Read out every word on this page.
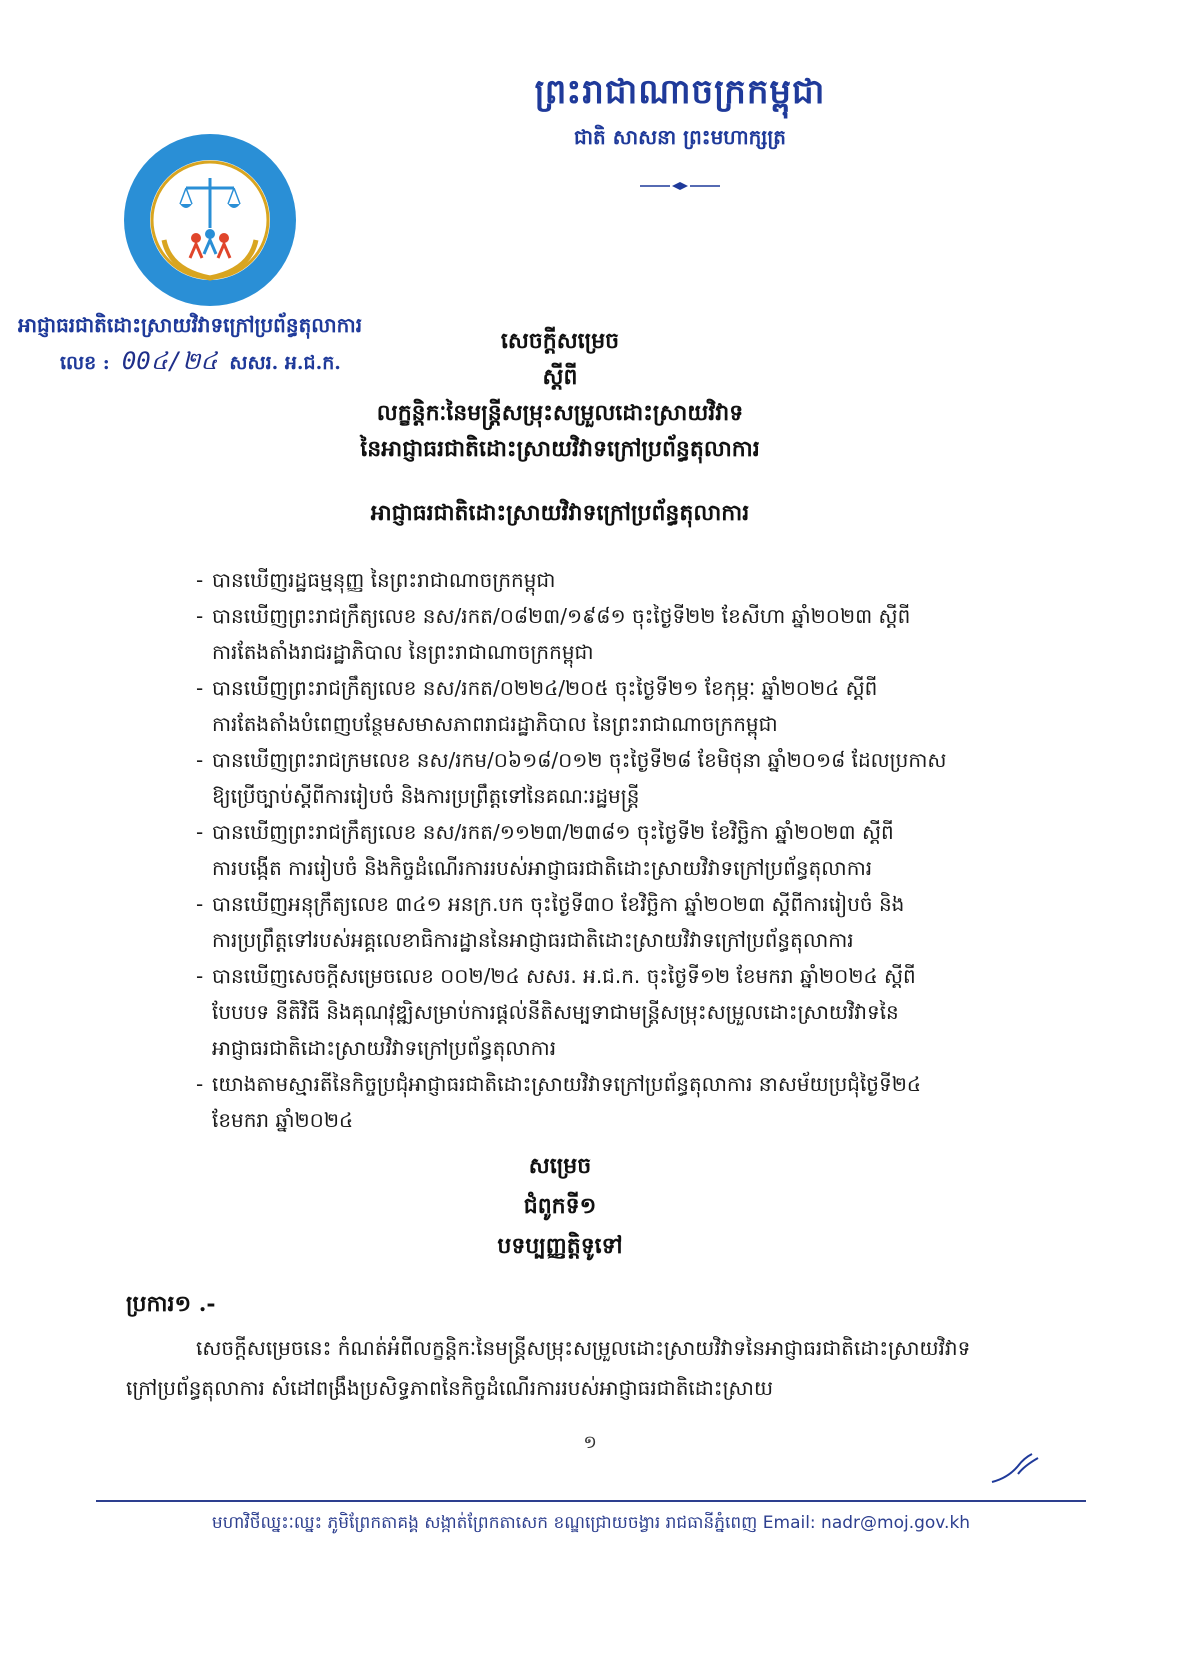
ព្រះរាជាណាចក្រកម្ពុជា
ជាតិ សាសនា ព្រះមហាក្សត្រ
អាជ្ញាធរជាតិដោះស្រាយវិវាទក្រៅប្រព័ន្ធតុលាការ
លេខ : 00៤/២៤ សសរ. អ.ជ.ក.
សេចក្តីសម្រេច
ស្តីពី
លក្ខន្តិកៈនៃមន្ត្រីសម្រុះសម្រួលដោះស្រាយវិវាទ
នៃអាជ្ញាធរជាតិដោះស្រាយវិវាទក្រៅប្រព័ន្ធតុលាការ
អាជ្ញាធរជាតិដោះស្រាយវិវាទក្រៅប្រព័ន្ធតុលាការ
- បានឃើញរដ្ឋធម្មនុញ្ញ នៃព្រះរាជាណាចក្រកម្ពុជា
- បានឃើញព្រះរាជក្រឹត្យលេខ នស/រកត/០៨២៣/១៩៨១ ចុះថ្ងៃទី២២ ខែសីហា ឆ្នាំ២០២៣ ស្តីពី
ការតែងតាំងរាជរដ្ឋាភិបាល នៃព្រះរាជាណាចក្រកម្ពុជា
- បានឃើញព្រះរាជក្រឹត្យលេខ នស/រកត/០២២៤/២០៥ ចុះថ្ងៃទី២១ ខែកុម្ភៈ ឆ្នាំ២០២៤ ស្តីពី
ការតែងតាំងបំពេញបន្ថែមសមាសភាពរាជរដ្ឋាភិបាល នៃព្រះរាជាណាចក្រកម្ពុជា
- បានឃើញព្រះរាជក្រមលេខ នស/រកម/០៦១៨/០១២ ចុះថ្ងៃទី២៨ ខែមិថុនា ឆ្នាំ២០១៨ ដែលប្រកាស
ឱ្យប្រើច្បាប់ស្តីពីការរៀបចំ និងការប្រព្រឹត្តទៅនៃគណៈរដ្ឋមន្ត្រី
- បានឃើញព្រះរាជក្រឹត្យលេខ នស/រកត/១១២៣/២៣៨១ ចុះថ្ងៃទី២ ខែវិច្ឆិកា ឆ្នាំ២០២៣ ស្តីពី
ការបង្កើត ការរៀបចំ និងកិច្ចដំណើរការរបស់អាជ្ញាធរជាតិដោះស្រាយវិវាទក្រៅប្រព័ន្ធតុលាការ
- បានឃើញអនុក្រឹត្យលេខ ៣៤១ អនក្រ.បក ចុះថ្ងៃទី៣០ ខែវិច្ឆិកា ឆ្នាំ២០២៣ ស្តីពីការរៀបចំ និង
ការប្រព្រឹត្តទៅរបស់អគ្គលេខាធិការដ្ឋាននៃអាជ្ញាធរជាតិដោះស្រាយវិវាទក្រៅប្រព័ន្ធតុលាការ
- បានឃើញសេចក្តីសម្រេចលេខ ០០២/២៤ សសរ. អ.ជ.ក. ចុះថ្ងៃទី១២ ខែមករា ឆ្នាំ២០២៤ ស្តីពី
បែបបទ នីតិវិធី និងគុណវុឌ្ឍិសម្រាប់ការផ្តល់នីតិសម្បទាជាមន្ត្រីសម្រុះសម្រួលដោះស្រាយវិវាទនៃ
អាជ្ញាធរជាតិដោះស្រាយវិវាទក្រៅប្រព័ន្ធតុលាការ
- យោងតាមស្មារតីនៃកិច្ចប្រជុំអាជ្ញាធរជាតិដោះស្រាយវិវាទក្រៅប្រព័ន្ធតុលាការ នាសម័យប្រជុំថ្ងៃទី២៤
ខែមករា ឆ្នាំ២០២៤
សម្រេច
ជំពូកទី១
បទប្បញ្ញត្តិទូទៅ
ប្រការ១ .-
សេចក្តីសម្រេចនេះ កំណត់អំពីលក្ខន្តិកៈនៃមន្ត្រីសម្រុះសម្រួលដោះស្រាយវិវាទនៃអាជ្ញាធរជាតិដោះស្រាយវិវាទក្រៅប្រព័ន្ធតុលាការ សំដៅពង្រឹងប្រសិទ្ធភាពនៃកិច្ចដំណើរការរបស់អាជ្ញាធរជាតិដោះស្រាយ
១
មហាវិថីឈ្នះៈឈ្នះ ភូមិព្រែកតាគង្គ សង្កាត់ព្រែកតាសេក ខណ្ឌជ្រោយចង្វារ រាជធានីភ្នំពេញ Email: nadr@moj.gov.kh
